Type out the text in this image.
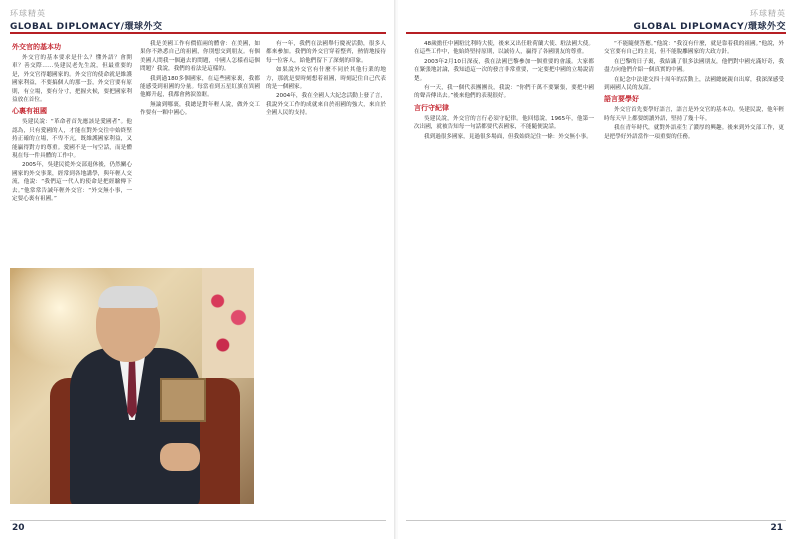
环球精英
GLOBAL DIPLOMACY/環球外交
外交官的基本功

外交官的基本要求是什么？懂外語？會開車？善交際……吳建民老先生說，但最重要的是，外交官得聽國家的。外交官的使命就是維護國家利益，不要搞個人的那一套，外交官要有原則，有立場，要有分寸，把握火候，要把國家利益放在首位。

心裏有祖國

吳建民說：“革命者首先應該是愛國者”。他認為，只有愛國的人，才能在對外交往中始終堅持正確的立場，不卑不亢，既維護國家利益，又能贏得對方的尊重。愛國不是一句空話，而是體現在每一件具體的工作中。

2005年，吳建民從外交部退休後，仍然關心國家的外交事業，經常到各地講學，與年輕人交流，他說：“我們這一代人的使命是把經驗傳下去。”他常常告誡年輕外交官：“外交無小事，一定要心裏有祖國。”

我是美國工作有價值兩的體會：在美國，如果你不熟悉自己的祖國，你別想交到朋友。有個美國人問我一個過去的問題，中國人怎樣看這個問題？我說，我們的看法是這樣的。

我到過180多個國家，在這些國家裏，我都能感受到祖國的分量。每當看到五星紅旗在異國他鄉升起，我都會熱淚盈眶。

無論到哪裏，我總是對年輕人說，做外交工作要有一顆中國心。

有一年，我們在法國舉行慶祝活動，很多人都來參加。我們的外交官穿着整齊，熱情地接待每一位客人，給他們留下了深刻的印象。

如果說外交官有什麼不同於其他行業的地方，那就是要時刻想着祖國，時刻記住自己代表的是一個國家。

2004年，我在全國人大紀念活動上發了言，我說外交工作的成就來自於祖國的強大，來自於全國人民的支持。

20
环球精英
GLOBAL DIPLOMACY/環球外交

48歲擔任中國駐比利時大使，後來又出任駐荷蘭大使、駐法國大使。在這些工作中，他始終堅持原則，以誠待人，贏得了各國朋友的尊重。

2003年2月10日深夜，我在法國巴黎參加一個重要的會議。大家都在緊張地討論，我知道這一次的發言非常重要，一定要把中國的立場說清楚。

有一天，我一個代表團團長，我說：“你們千萬不要緊張，要把中國的聲音傳出去。”後來他們的表現很好。

言行守紀律

吳建民說，外交官的言行必須守紀律。他回憶說，1965年，他第一次出國，就被告知每一句話都要代表國家，不能隨便說話。

我到過很多國家，見過很多場面，但我始終記住一條：外交無小事。

“不能隨便答應。”他說：“我沒有什麼，就是靠着我的祖國。”他說，外交官要有自己的主見，但不能脫離國家的大政方針。

在巴黎的日子裏，我結識了很多法國朋友，他們對中國充滿好奇，我盡力向他們介紹一個真實的中國。

在紀念中法建交四十周年的活動上，法國總統親自出席，我深深感受到兩國人民的友誼。

語言要學好

外交官首先要學好語言，語言是外交官的基本功。吳建民說，他年輕時每天早上都要朗讀外語，堅持了幾十年。

我在青年時代，就對外語產生了濃厚的興趣。後來到外交部工作，更是把學好外語當作一項重要的任務。

21
